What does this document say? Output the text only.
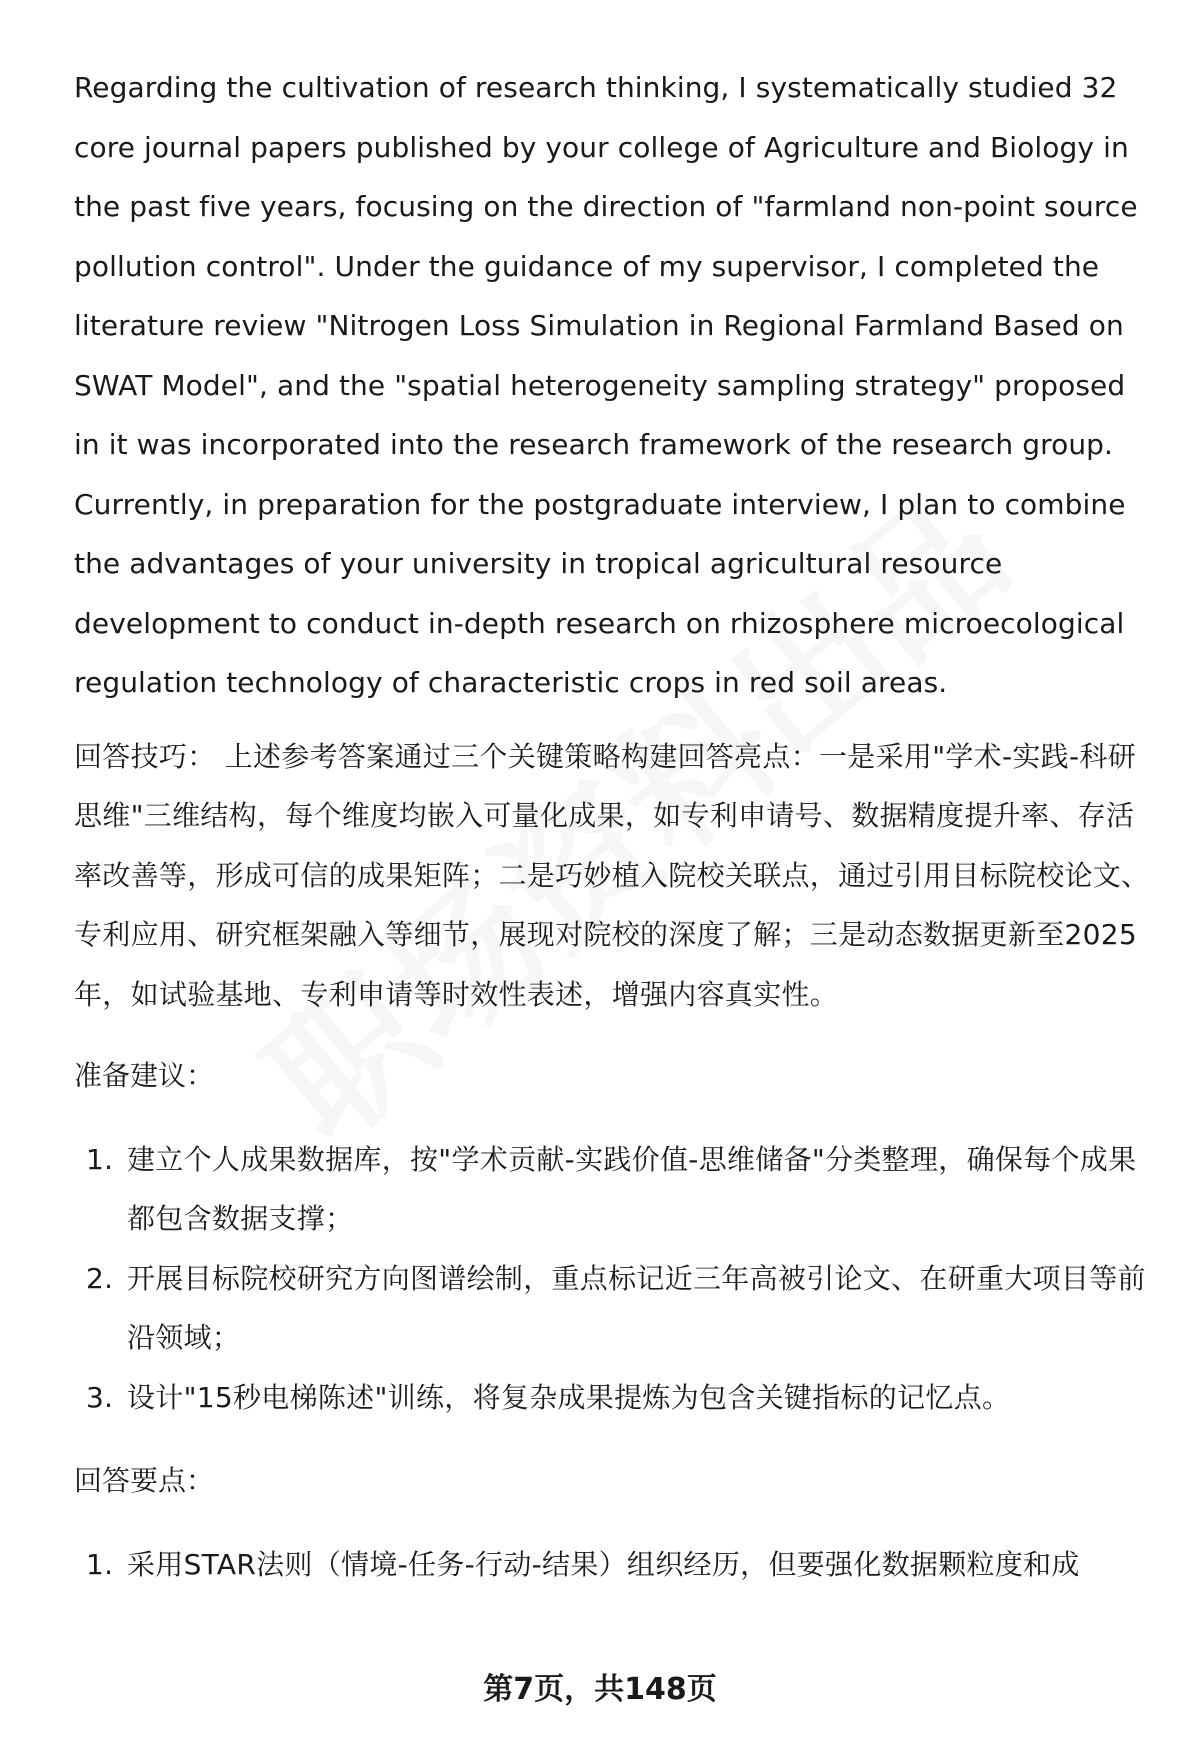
Regarding the cultivation of research thinking, I systematically studied 32 core journal papers published by your college of Agriculture and Biology in the past five years, focusing on the direction of "farmland non-point source pollution control". Under the guidance of my supervisor, I completed the literature review "Nitrogen Loss Simulation in Regional Farmland Based on SWAT Model", and the "spatial heterogeneity sampling strategy" proposed in it was incorporated into the research framework of the research group. Currently, in preparation for the postgraduate interview, I plan to combine the advantages of your university in tropical agricultural resource development to conduct in-depth research on rhizosphere microecological regulation technology of characteristic crops in red soil areas.

回答技巧： 上述参考答案通过三个关键策略构建回答亮点：一是采用"学术-实践-科研思维"三维结构，每个维度均嵌入可量化成果，如专利申请号、数据精度提升率、存活率改善等，形成可信的成果矩阵；二是巧妙植入院校关联点，通过引用目标院校论文、专利应用、研究框架融入等细节，展现对院校的深度了解；三是动态数据更新至2025年，如试验基地、专利申请等时效性表述，增强内容真实性。

准备建议：

1. 建立个人成果数据库，按"学术贡献-实践价值-思维储备"分类整理，确保每个成果都包含数据支撑；
2. 开展目标院校研究方向图谱绘制，重点标记近三年高被引论文、在研重大项目等前沿领域；
3. 设计"15秒电梯陈述"训练，将复杂成果提炼为包含关键指标的记忆点。

回答要点：

1. 采用STAR法则（情境-任务-行动-结果）组织经历，但要强化数据颗粒度和成
第7页，共148页
